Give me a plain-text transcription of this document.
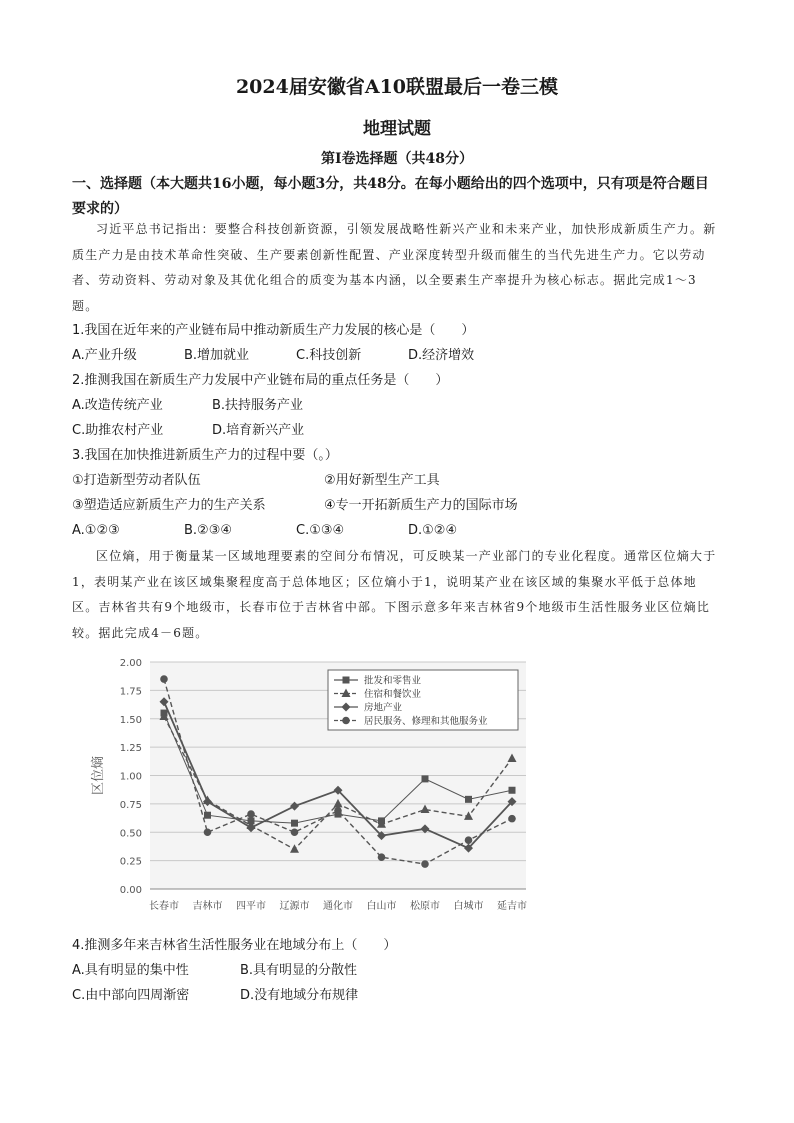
2024届安徽省A10联盟最后一卷三模
地理试题
第Ⅰ卷选择题（共48分）
一、选择题（本大题共16小题，每小题3分，共48分。在每小题给出的四个选项中，只有项是符合题目要求的）
习近平总书记指出：要整合科技创新资源，引领发展战略性新兴产业和未来产业，加快形成新质生产力。新质生产力是由技术革命性突破、生产要素创新性配置、产业深度转型升级而催生的当代先进生产力。它以劳动者、劳动资料、劳动对象及其优化组合的质变为基本内涵，以全要素生产率提升为核心标志。据此完成1～3题。
1.我国在近年来的产业链布局中推动新质生产力发展的核心是（　　）
A.产业升级	B.增加就业	C.科技创新	D.经济增效
2.推测我国在新质生产力发展中产业链布局的重点任务是（　　）
A.改造传统产业	B.扶持服务产业
C.助推农村产业	D.培育新兴产业
3.我国在加快推进新质生产力的过程中要（。）
①打造新型劳动者队伍	②用好新型生产工具
③塑造适应新质生产力的生产关系	④专一开拓新质生产力的国际市场
A.①②③	B.②③④	C.①③④	D.①②④
区位熵，用于衡量某一区域地理要素的空间分布情况，可反映某一产业部门的专业化程度。通常区位熵大于1，表明某产业在该区域集聚程度高于总体地区；区位熵小于1，说明某产业在该区域的集聚水平低于总体地区。吉林省共有9个地级市，长春市位于吉林省中部。下图示意多年来吉林省9个地级市生活性服务业区位熵比较。据此完成4－6题。
0.00
0.25
0.50
0.75
1.00
1.25
1.50
1.75
2.00
区位熵
长春市 吉林市 四平市 辽源市 通化市 白山市 松原市 白城市 延吉市
批发和零售业
住宿和餐饮业
房地产业
居民服务、修理和其他服务业
4.推测多年来吉林省生活性服务业在地域分布上（　　）
A.具有明显的集中性	B.具有明显的分散性
C.由中部向四周渐密	D.没有地域分布规律
